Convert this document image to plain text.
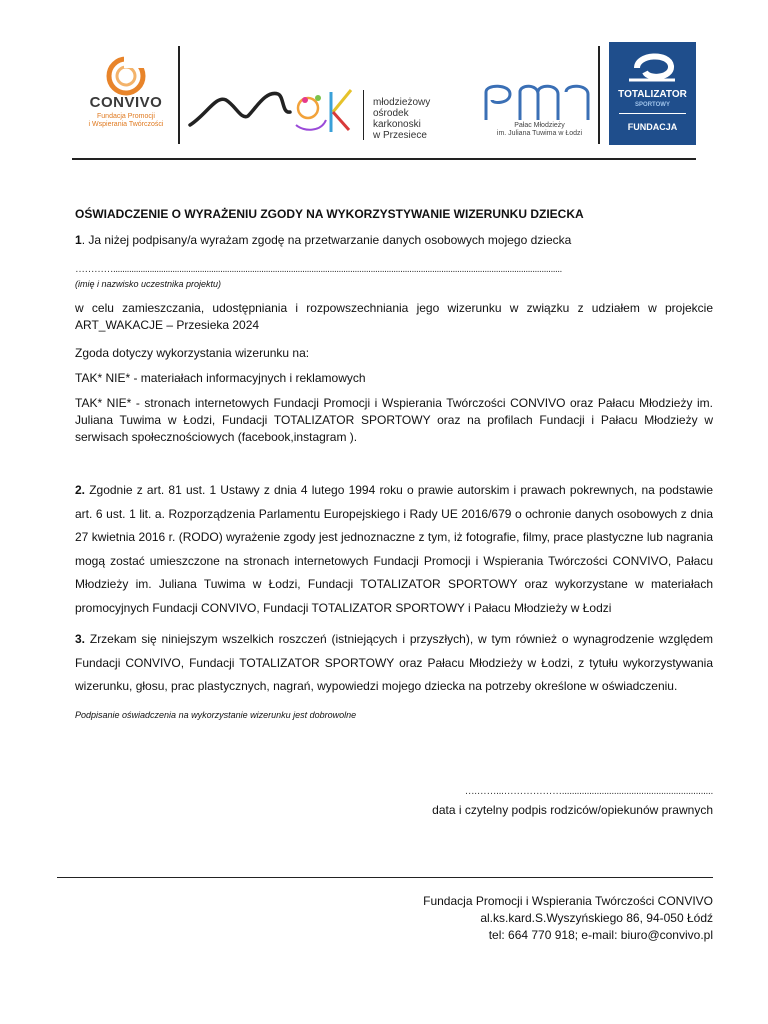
CONVIVO
Fundacja Promocji
i Wspierania Twórczości
młodzieżowy
ośrodek
karkonoski
w Przesiece
Pałac Młodzieży
im. Juliana Tuwima w Łodzi
TOTALIZATOR
SPORTOWY
FUNDACJA
OŚWIADCZENIE O WYRAŻENIU ZGODY NA WYKORZYSTYWANIE WIZERUNKU DZIECKA
1. Ja niżej podpisany/a wyrażam zgodę na przetwarzanie danych osobowych mojego dziecka
………….....................................................................................................................................................................................................
(imię i nazwisko uczestnika projektu)
w celu zamieszczania, udostępniania i rozpowszechniania jego wizerunku w związku z udziałem w projekcie ART_WAKACJE – Przesieka 2024
Zgoda dotyczy wykorzystania wizerunku na:
TAK* NIE* - materiałach informacyjnych i reklamowych
TAK* NIE* - stronach internetowych Fundacji Promocji i Wspierania Twórczości CONVIVO oraz Pałacu Młodzieży im. Juliana Tuwima w Łodzi, Fundacji TOTALIZATOR SPORTOWY oraz na profilach Fundacji i Pałacu Młodzieży w serwisach społecznościowych (facebook,instagram ).
2. Zgodnie z art. 81 ust. 1 Ustawy z dnia 4 lutego 1994 roku o prawie autorskim i prawach pokrewnych, na podstawie art. 6 ust. 1 lit. a. Rozporządzenia Parlamentu Europejskiego i Rady UE 2016/679 o ochronie danych osobowych z dnia 27 kwietnia 2016 r. (RODO) wyrażenie zgody jest jednoznaczne z tym, iż fotografie, filmy, prace plastyczne lub nagrania mogą zostać umieszczone na stronach internetowych Fundacji Promocji i Wspierania Twórczości CONVIVO, Pałacu Młodzieży im. Juliana Tuwima w Łodzi, Fundacji TOTALIZATOR SPORTOWY oraz wykorzystane w materiałach promocyjnych Fundacji CONVIVO, Fundacji TOTALIZATOR SPORTOWY i Pałacu Młodzieży w Łodzi
3. Zrzekam się niniejszym wszelkich roszczeń (istniejących i przyszłych), w tym również o wynagrodzenie względem Fundacji CONVIVO, Fundacji TOTALIZATOR SPORTOWY oraz Pałacu Młodzieży w Łodzi, z tytułu wykorzystywania wizerunku, głosu, prac plastycznych, nagrań, wypowiedzi mojego dziecka na potrzeby określone w oświadczeniu.
Podpisanie oświadczenia na wykorzystanie wizerunku jest dobrowolne
….……...……………….............................................................
data i czytelny podpis rodziców/opiekunów prawnych
Fundacja Promocji i Wspierania Twórczości CONVIVO
al.ks.kard.S.Wyszyńskiego 86, 94-050 Łódź
tel: 664 770 918; e-mail: biuro@convivo.pl
